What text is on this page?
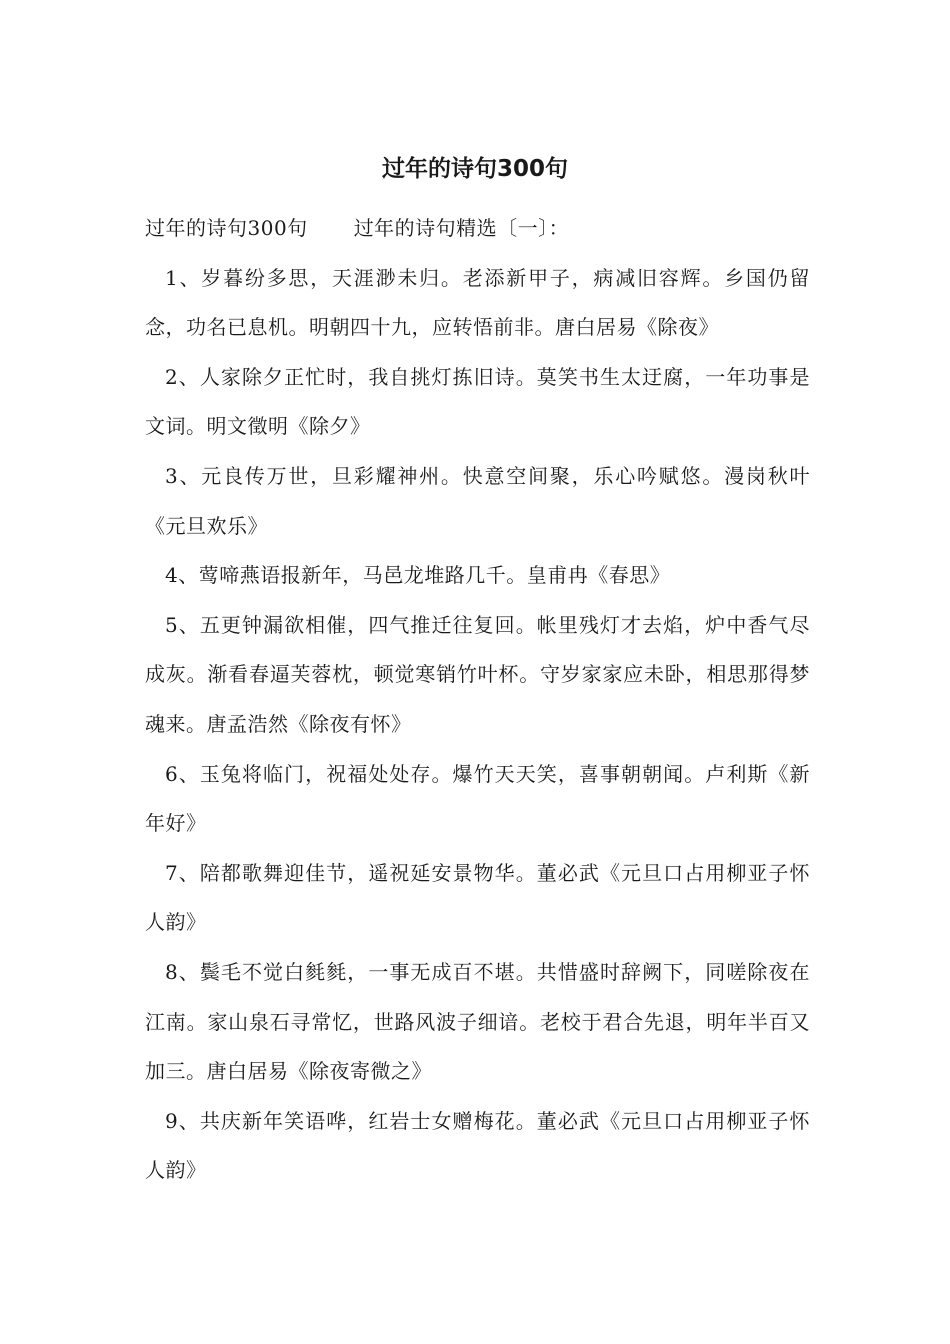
过年的诗句300句

过年的诗句300句 过年的诗句精选〔一〕：

1、岁暮纷多思，天涯渺未归。老添新甲子，病减旧容辉。乡国仍留念，功名已息机。明朝四十九，应转悟前非。唐白居易《除夜》

2、人家除夕正忙时，我自挑灯拣旧诗。莫笑书生太迂腐，一年功事是文词。明文徵明《除夕》

3、元良传万世，旦彩耀神州。快意空间聚，乐心吟赋悠。漫岗秋叶《元旦欢乐》

4、莺啼燕语报新年，马邑龙堆路几千。皇甫冉《春思》

5、五更钟漏欲相催，四气推迁往复回。帐里残灯才去焰，炉中香气尽成灰。渐看春逼芙蓉枕，顿觉寒销竹叶杯。守岁家家应未卧，相思那得梦魂来。唐孟浩然《除夜有怀》

6、玉兔将临门，祝福处处存。爆竹天天笑，喜事朝朝闻。卢利斯《新年好》

7、陪都歌舞迎佳节，遥祝延安景物华。董必武《元旦口占用柳亚子怀人韵》

8、鬓毛不觉白毵毵，一事无成百不堪。共惜盛时辞阙下，同嗟除夜在江南。家山泉石寻常忆，世路风波子细谙。老校于君合先退，明年半百又加三。唐白居易《除夜寄微之》

9、共庆新年笑语哗，红岩士女赠梅花。董必武《元旦口占用柳亚子怀人韵》
